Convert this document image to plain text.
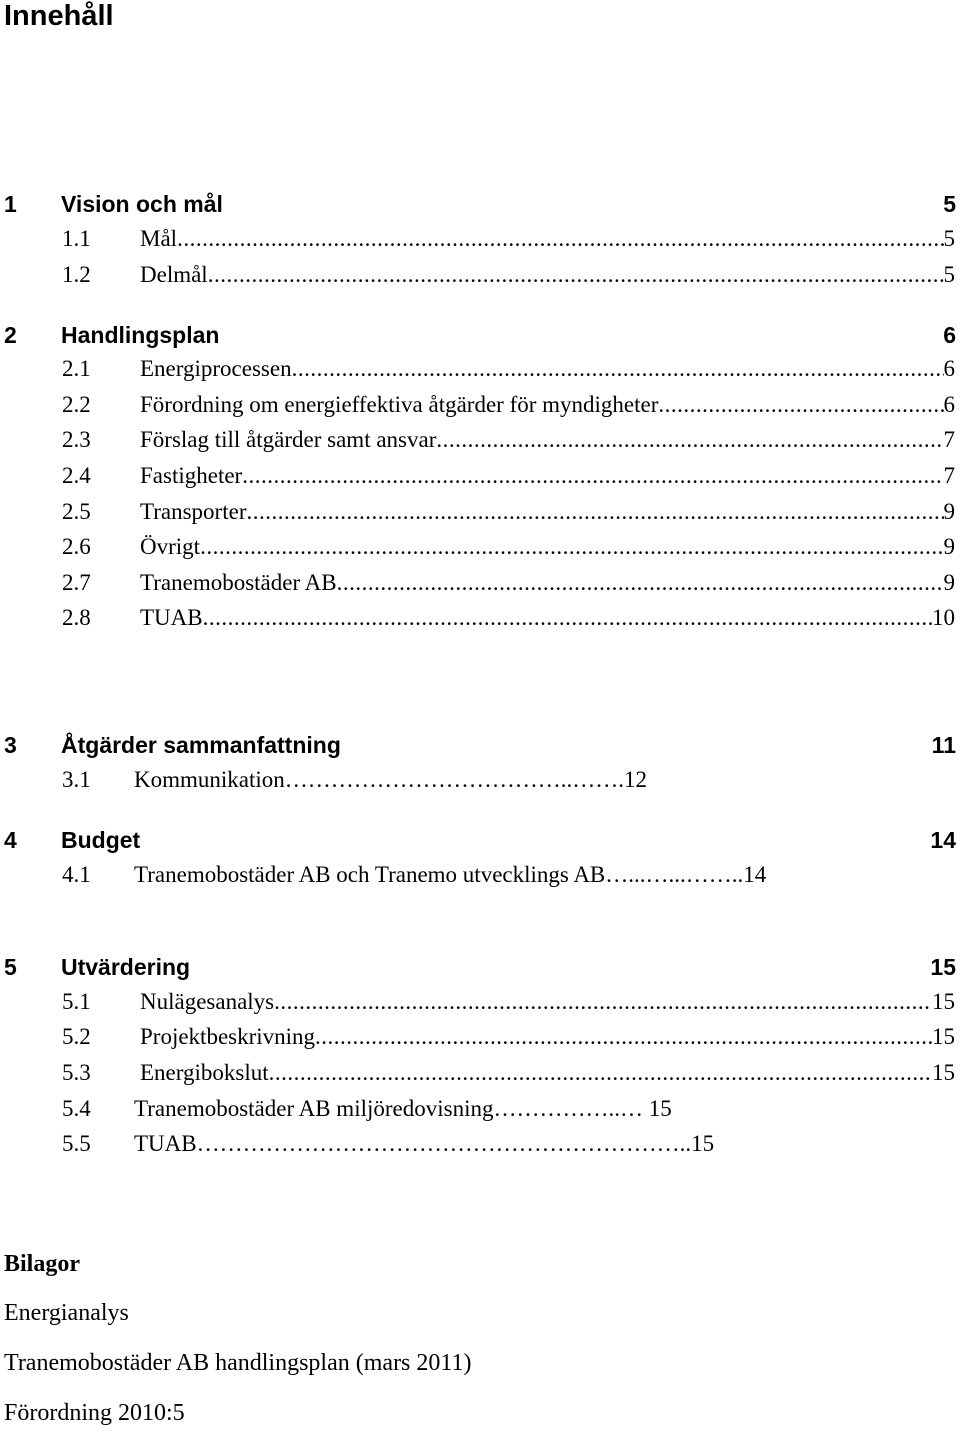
Innehåll
1 Vision och mål	5
1.1	Mål .....	5
1.2	Delmål .....	5
2 Handlingsplan	6
2.1	Energiprocessen .....	6
2.2	Förordning om energieffektiva åtgärder för myndigheter .....	6
2.3	Förslag till åtgärder samt ansvar .....	7
2.4	Fastigheter .....	7
2.5	Transporter .....	9
2.6	Övrigt .....	9
2.7	Tranemobostäder AB .....	9
2.8	TUAB .....	10
3 Åtgärder sammanfattning	11
3.1	Kommunikation………………………………..…….12
4 Budget	14
4.1	Tranemobostäder AB och Tranemo utvecklings AB…...…...……..14
5 Utvärdering	15
5.1	Nulägesanalys .....	15
5.2	Projektbeskrivning .....	15
5.3	Energibokslut .....	15
5.4	Tranemobostäder AB miljöredovisning……………..… 15
5.5	TUAB………………………………………………………..15
Bilagor
Energianalys
Tranemobostäder AB handlingsplan (mars 2011)
Förordning 2010:5
